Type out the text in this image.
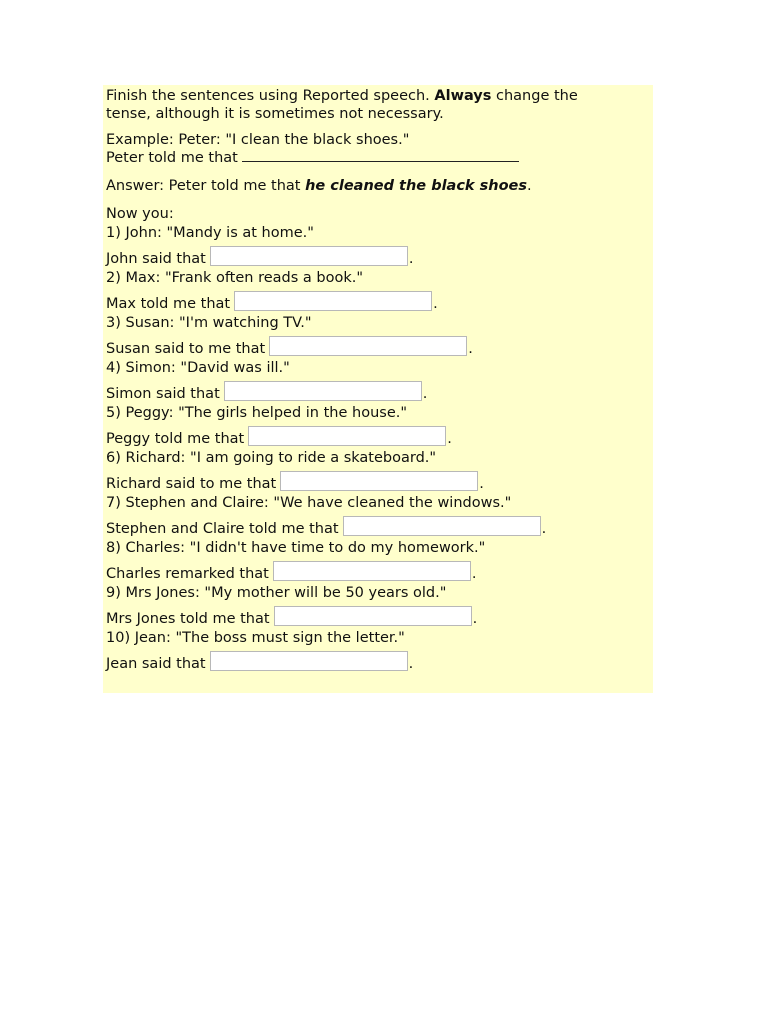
Finish the sentences using Reported speech. Always change the
tense, although it is sometimes not necessary.
Example: Peter: "I clean the black shoes."
Peter told me that
Answer: Peter told me that he cleaned the black shoes.
Now you:
1) John: "Mandy is at home."
John said that	.
2) Max: "Frank often reads a book."
Max told me that	.
3) Susan: "I'm watching TV."
Susan said to me that	.
4) Simon: "David was ill."
Simon said that	.
5) Peggy: "The girls helped in the house."
Peggy told me that	.
6) Richard: "I am going to ride a skateboard."
Richard said to me that	.
7) Stephen and Claire: "We have cleaned the windows."
Stephen and Claire told me that	.
8) Charles: "I didn't have time to do my homework."
Charles remarked that	.
9) Mrs Jones: "My mother will be 50 years old."
Mrs Jones told me that	.
10) Jean: "The boss must sign the letter."
Jean said that	.
